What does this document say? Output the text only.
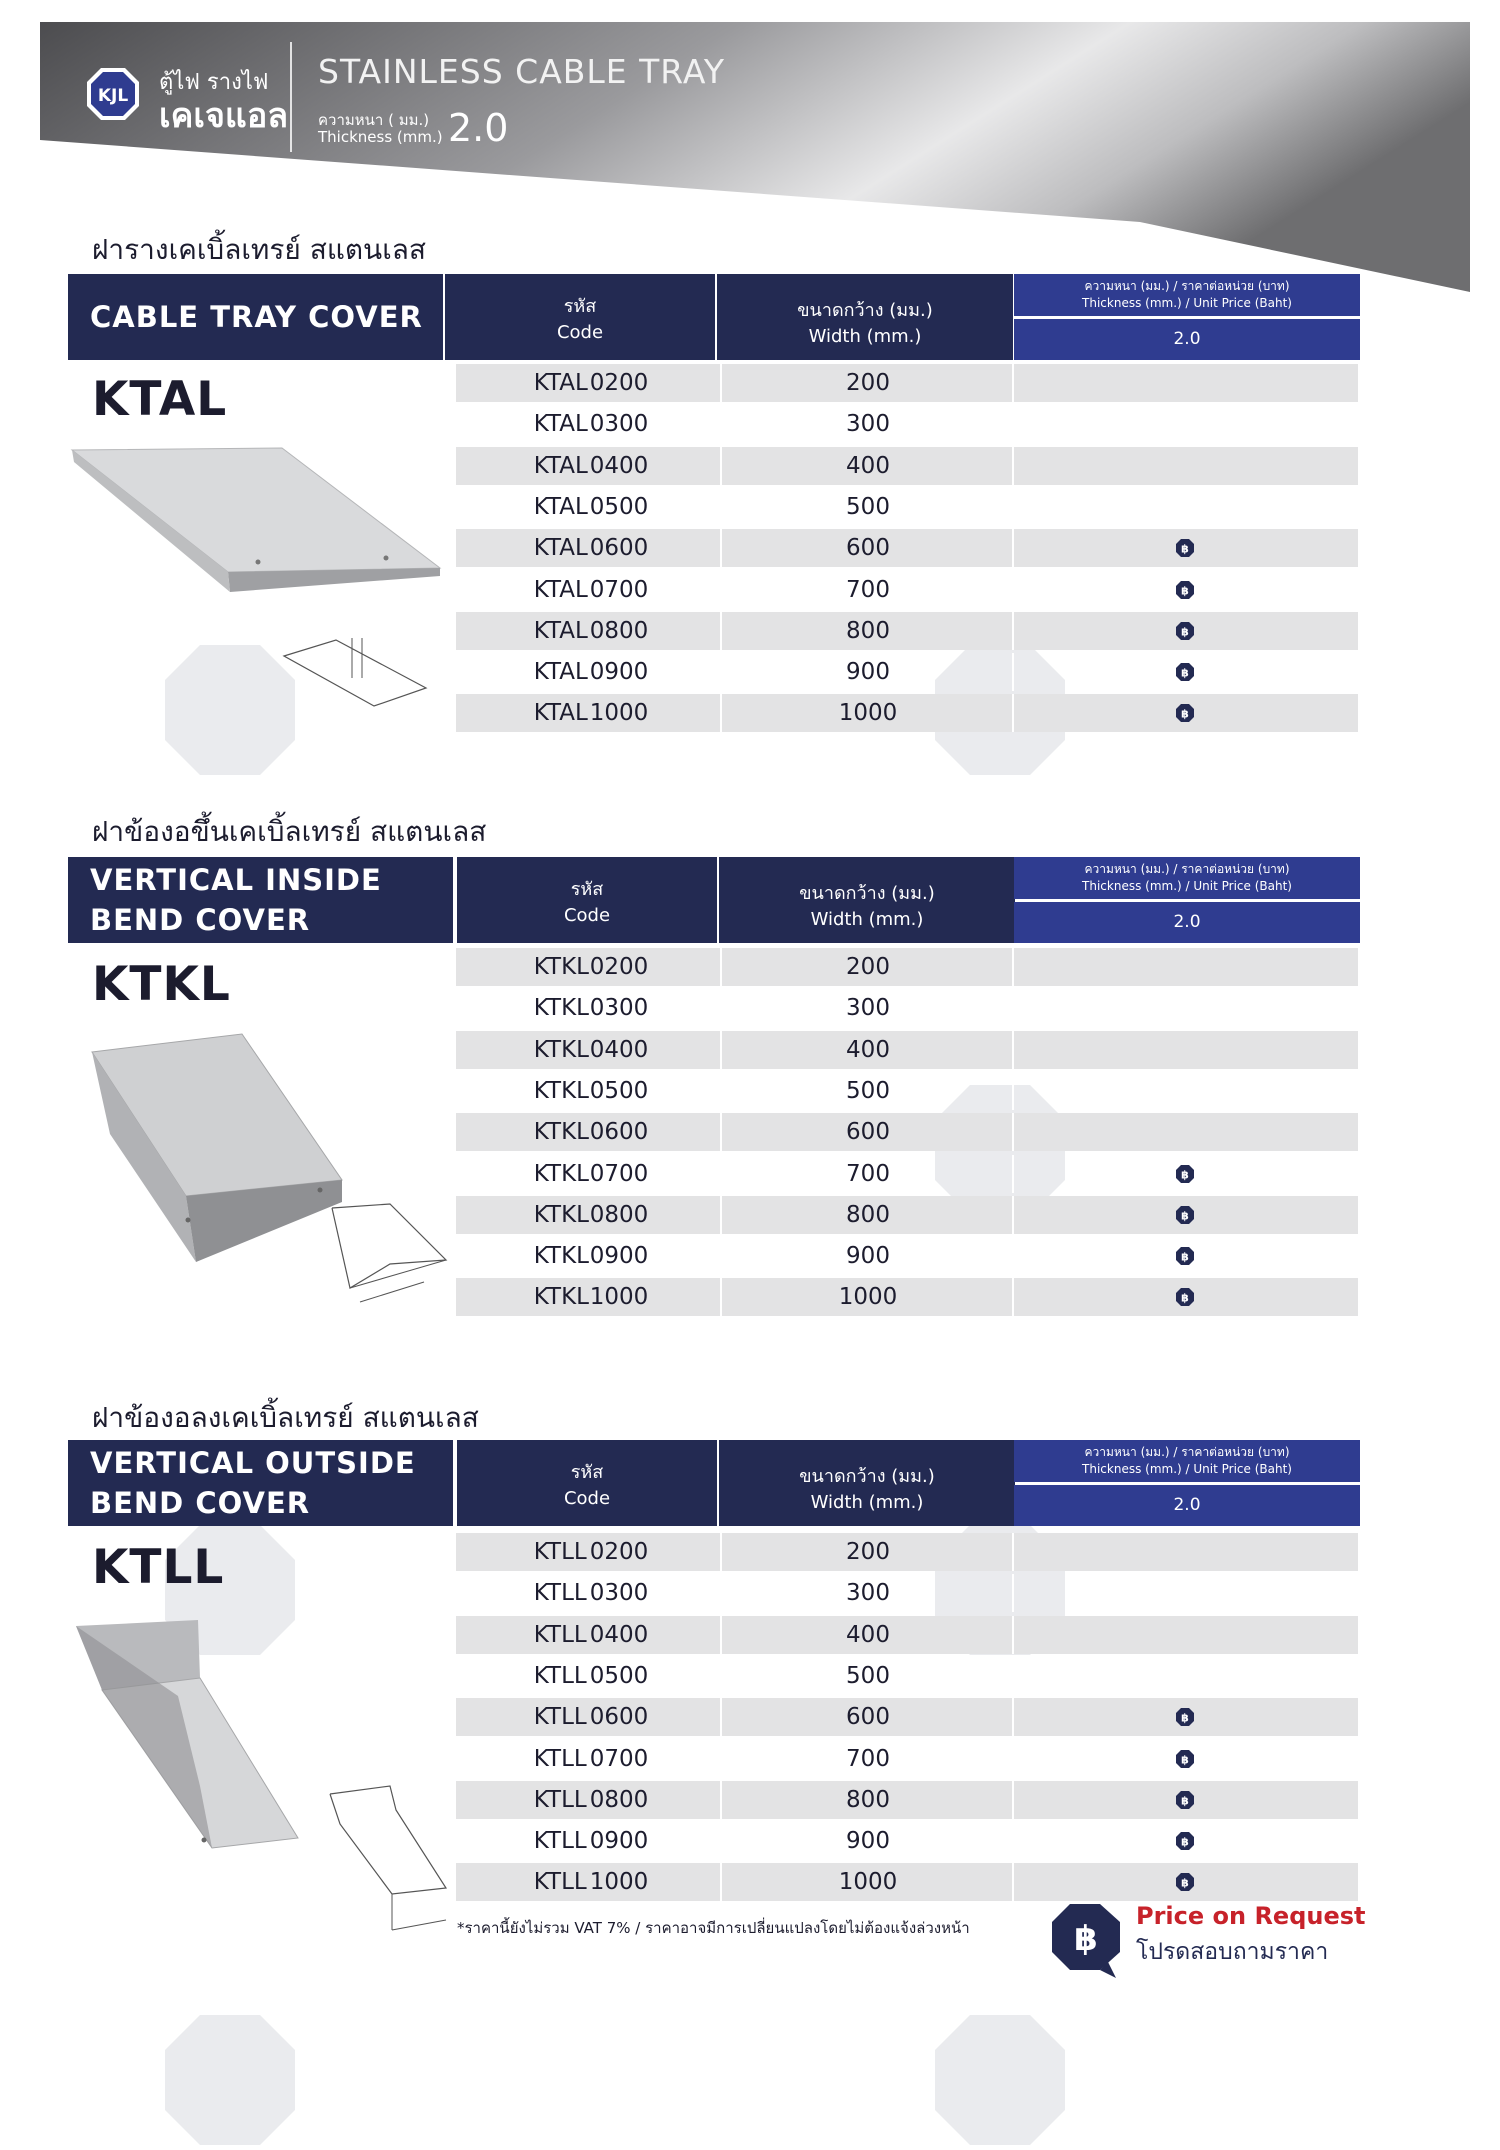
KJL
ตู้ไฟ รางไฟ
เคเจแอล
STAINLESS CABLE TRAY
ความหนา ( มม.)
Thickness (mm.) 2.0
ฝารางเคเบิ้ลเทรย์ สแตนเลส
CABLE TRAY COVER	รหัส
Code
ขนาดกว้าง (มม.)
Width (mm.)
ความหนา (มม.) / ราคาต่อหน่วย (บาท)
Thickness (mm.) / Unit Price (Baht)
2.0
KTAL	KTAL0200	200
KTAL0300	300
KTAL0400	400
KTAL0500	500
KTAL0600	600	฿
KTAL0700	700	฿
KTAL0800	800	฿
KTAL0900	900	฿
KTAL1000	1000	฿
ฝาข้องอขึ้นเคเบิ้ลเทรย์ สแตนเลส
VERTICAL INSIDE
BEND COVER
รหัส
Code
ขนาดกว้าง (มม.)
Width (mm.)
ความหนา (มม.) / ราคาต่อหน่วย (บาท)
Thickness (mm.) / Unit Price (Baht)
2.0
KTKL	KTKL0200	200
KTKL0300	300
KTKL0400	400
KTKL0500	500
KTKL0600	600
KTKL0700	700	฿
KTKL0800	800	฿
KTKL0900	900	฿
KTKL1000	1000	฿
ฝาข้องอลงเคเบิ้ลเทรย์ สแตนเลส
VERTICAL OUTSIDE
BEND COVER
รหัส
Code
ขนาดกว้าง (มม.)
Width (mm.)
ความหนา (มม.) / ราคาต่อหน่วย (บาท)
Thickness (mm.) / Unit Price (Baht)
2.0
KTLL	KTLL 0200	200
KTLL 0300	300
KTLL 0400	400
KTLL 0500	500
KTLL 0600	600	฿
KTLL 0700	700	฿
KTLL 0800	800	฿
KTLL 0900	900	฿
KTLL 1000	1000	฿
*ราคานี้ยังไม่รวม VAT 7% / ราคาอาจมีการเปลี่ยนแปลงโดยไม่ต้องแจ้งล่วงหน้า	฿
Price on Request
โปรดสอบถามราคา
